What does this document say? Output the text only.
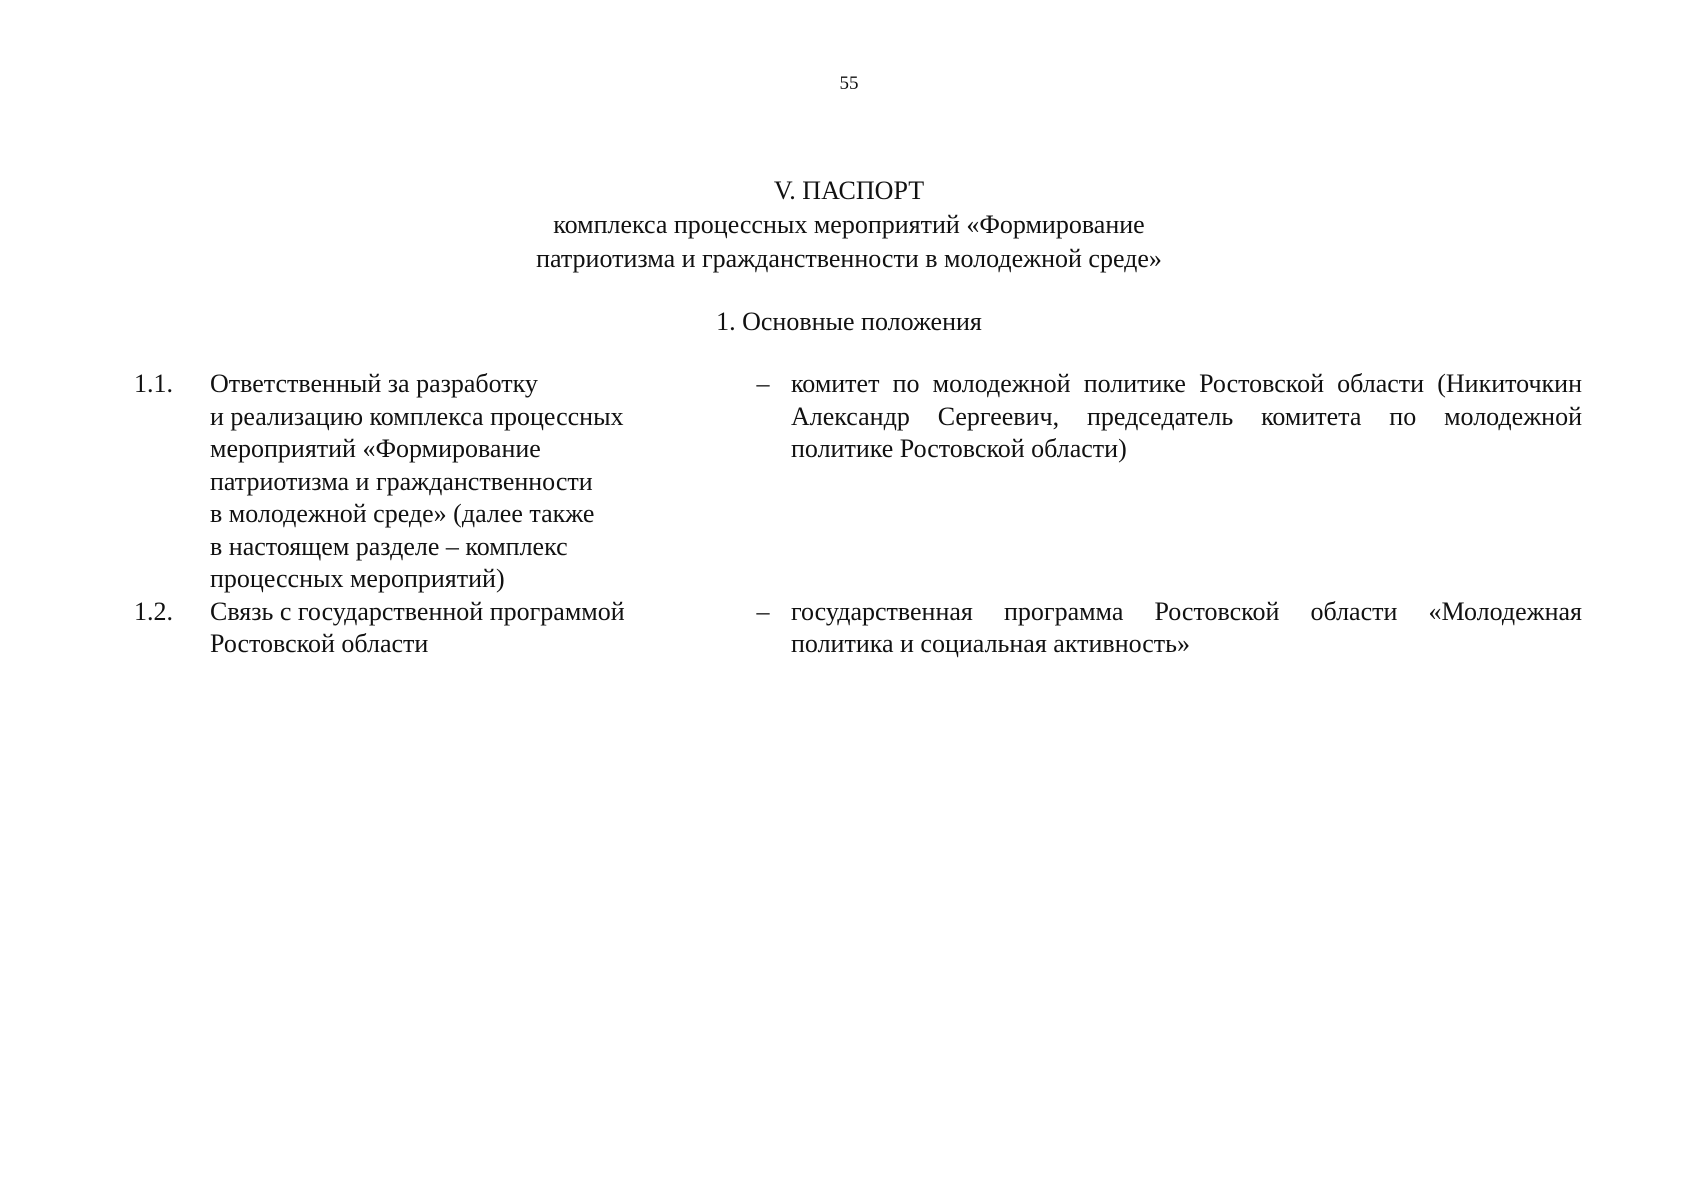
55
V. ПАСПОРТ
комплекса процессных мероприятий «Формирование
патриотизма и гражданственности в молодежной среде»
1. Основные положения
1.1.	Ответственный за разработку
и реализацию комплекса процессных
мероприятий «Формирование
патриотизма и гражданственности
в молодежной среде» (далее также
в настоящем разделе – комплекс
процессных мероприятий)
– комитет по молодежной политике Ростовской области (Никиточкин Александр Сергеевич, председатель комитета по молодежной политике Ростовской области)
1.2.	Связь с государственной программой
Ростовской области
– государственная программа Ростовской области «Молодежная политика и социальная активность»
